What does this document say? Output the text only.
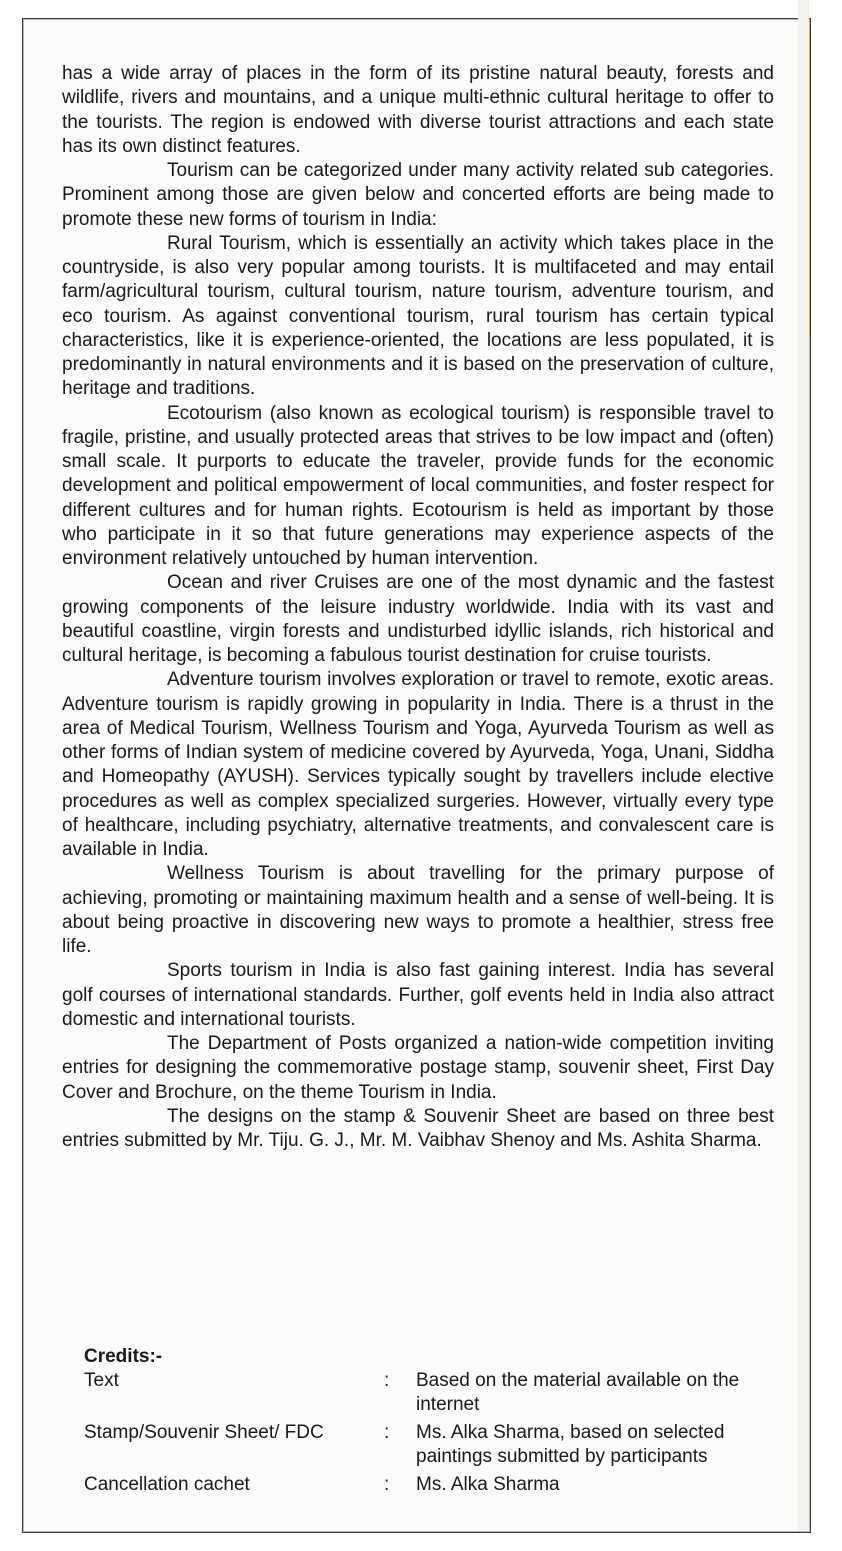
has a wide array of places in the form of its pristine natural beauty, forests and wildlife, rivers and mountains, and a unique multi-ethnic cultural heritage to offer to the tourists. The region is endowed with diverse tourist attractions and each state has its own distinct features.

Tourism can be categorized under many activity related sub categories. Prominent among those are given below and concerted efforts are being made to promote these new forms of tourism in India:

Rural Tourism, which is essentially an activity which takes place in the countryside, is also very popular among tourists. It is multifaceted and may entail farm/agricultural tourism, cultural tourism, nature tourism, adventure tourism, and eco tourism. As against conventional tourism, rural tourism has certain typical characteristics, like it is experience-oriented, the locations are less populated, it is predominantly in natural environments and it is based on the preservation of culture, heritage and traditions.

Ecotourism (also known as ecological tourism) is responsible travel to fragile, pristine, and usually protected areas that strives to be low impact and (often) small scale. It purports to educate the traveler, provide funds for the economic development and political empowerment of local communities, and foster respect for different cultures and for human rights. Ecotourism is held as important by those who participate in it so that future generations may experience aspects of the environment relatively untouched by human intervention.

Ocean and river Cruises are one of the most dynamic and the fastest growing components of the leisure industry worldwide. India with its vast and beautiful coastline, virgin forests and undisturbed idyllic islands, rich historical and cultural heritage, is becoming a fabulous tourist destination for cruise tourists.

Adventure tourism involves exploration or travel to remote, exotic areas. Adventure tourism is rapidly growing in popularity in India. There is a thrust in the area of Medical Tourism, Wellness Tourism and Yoga, Ayurveda Tourism as well as other forms of Indian system of medicine covered by Ayurveda, Yoga, Unani, Siddha and Homeopathy (AYUSH). Services typically sought by travellers include elective procedures as well as complex specialized surgeries. However, virtually every type of healthcare, including psychiatry, alternative treatments, and convalescent care is available in India.

Wellness Tourism is about travelling for the primary purpose of achieving, promoting or maintaining maximum health and a sense of well-being. It is about being proactive in discovering new ways to promote a healthier, stress free life.

Sports tourism in India is also fast gaining interest. India has several golf courses of international standards. Further, golf events held in India also attract domestic and international tourists.

The Department of Posts organized a nation-wide competition inviting entries for designing the commemorative postage stamp, souvenir sheet, First Day Cover and Brochure, on the theme Tourism in India.

The designs on the stamp & Souvenir Sheet are based on three best entries submitted by Mr. Tiju. G. J., Mr. M. Vaibhav Shenoy and Ms. Ashita Sharma.

Credits:-

Text	:	Based on the material available on the internet
Stamp/Souvenir Sheet/ FDC	:	Ms. Alka Sharma, based on selected paintings submitted by participants
Cancellation cachet	:	Ms. Alka Sharma
